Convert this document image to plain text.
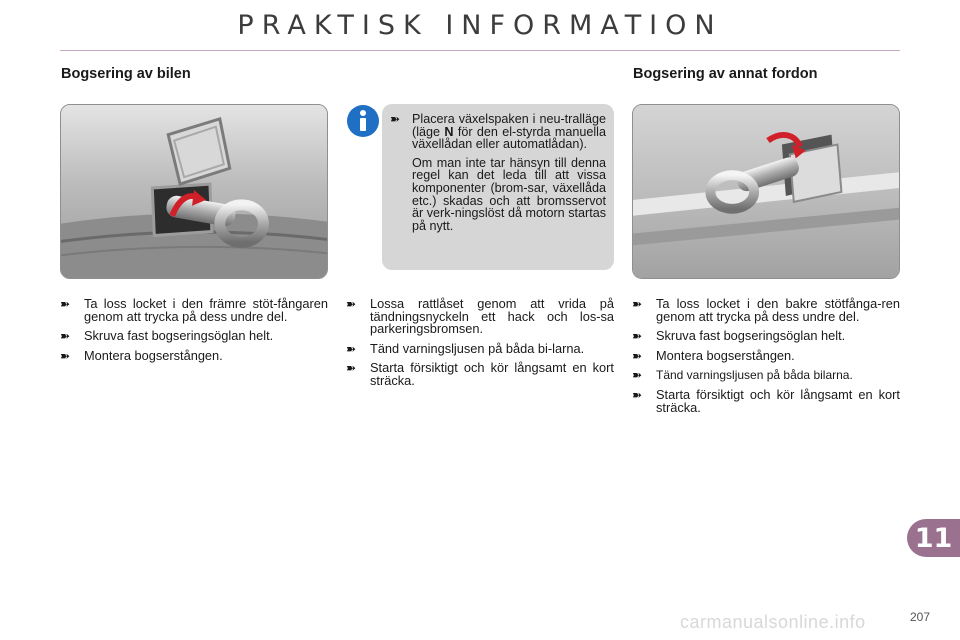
PRAKTISK INFORMATION
Bogsering av bilen
➽	Ta loss locket i den främre stöt-fångaren genom att trycka på dess undre del.
➽	Skruva fast bogseringsöglan helt.
➽	Montera bogserstången.
➽ Placera växelspaken i neu-tralläge (läge N för den el-styrda manuella växellådan eller automatlådan).
Om man inte tar hänsyn till denna regel kan det leda till att vissa komponenter (brom-sar, växellåda etc.) skadas och att bromsservot är verk-ningslöst då motorn startas på nytt.
➽	Lossa rattlåset genom att vrida på tändningsnyckeln ett hack och los-sa parkeringsbromsen.
➽	Tänd varningsljusen på båda bi-larna.
➽	Starta försiktigt och kör långsamt en kort sträcka.
Bogsering av annat fordon
➽	Ta loss locket i den bakre stötfånga-ren genom att trycka på dess undre del.
➽	Skruva fast bogseringsöglan helt.
➽	Montera bogserstången.
➽	Tänd varningsljusen på båda bilarna.
➽	Starta försiktigt och kör långsamt en kort sträcka.
11
carmanualsonline.info	207
